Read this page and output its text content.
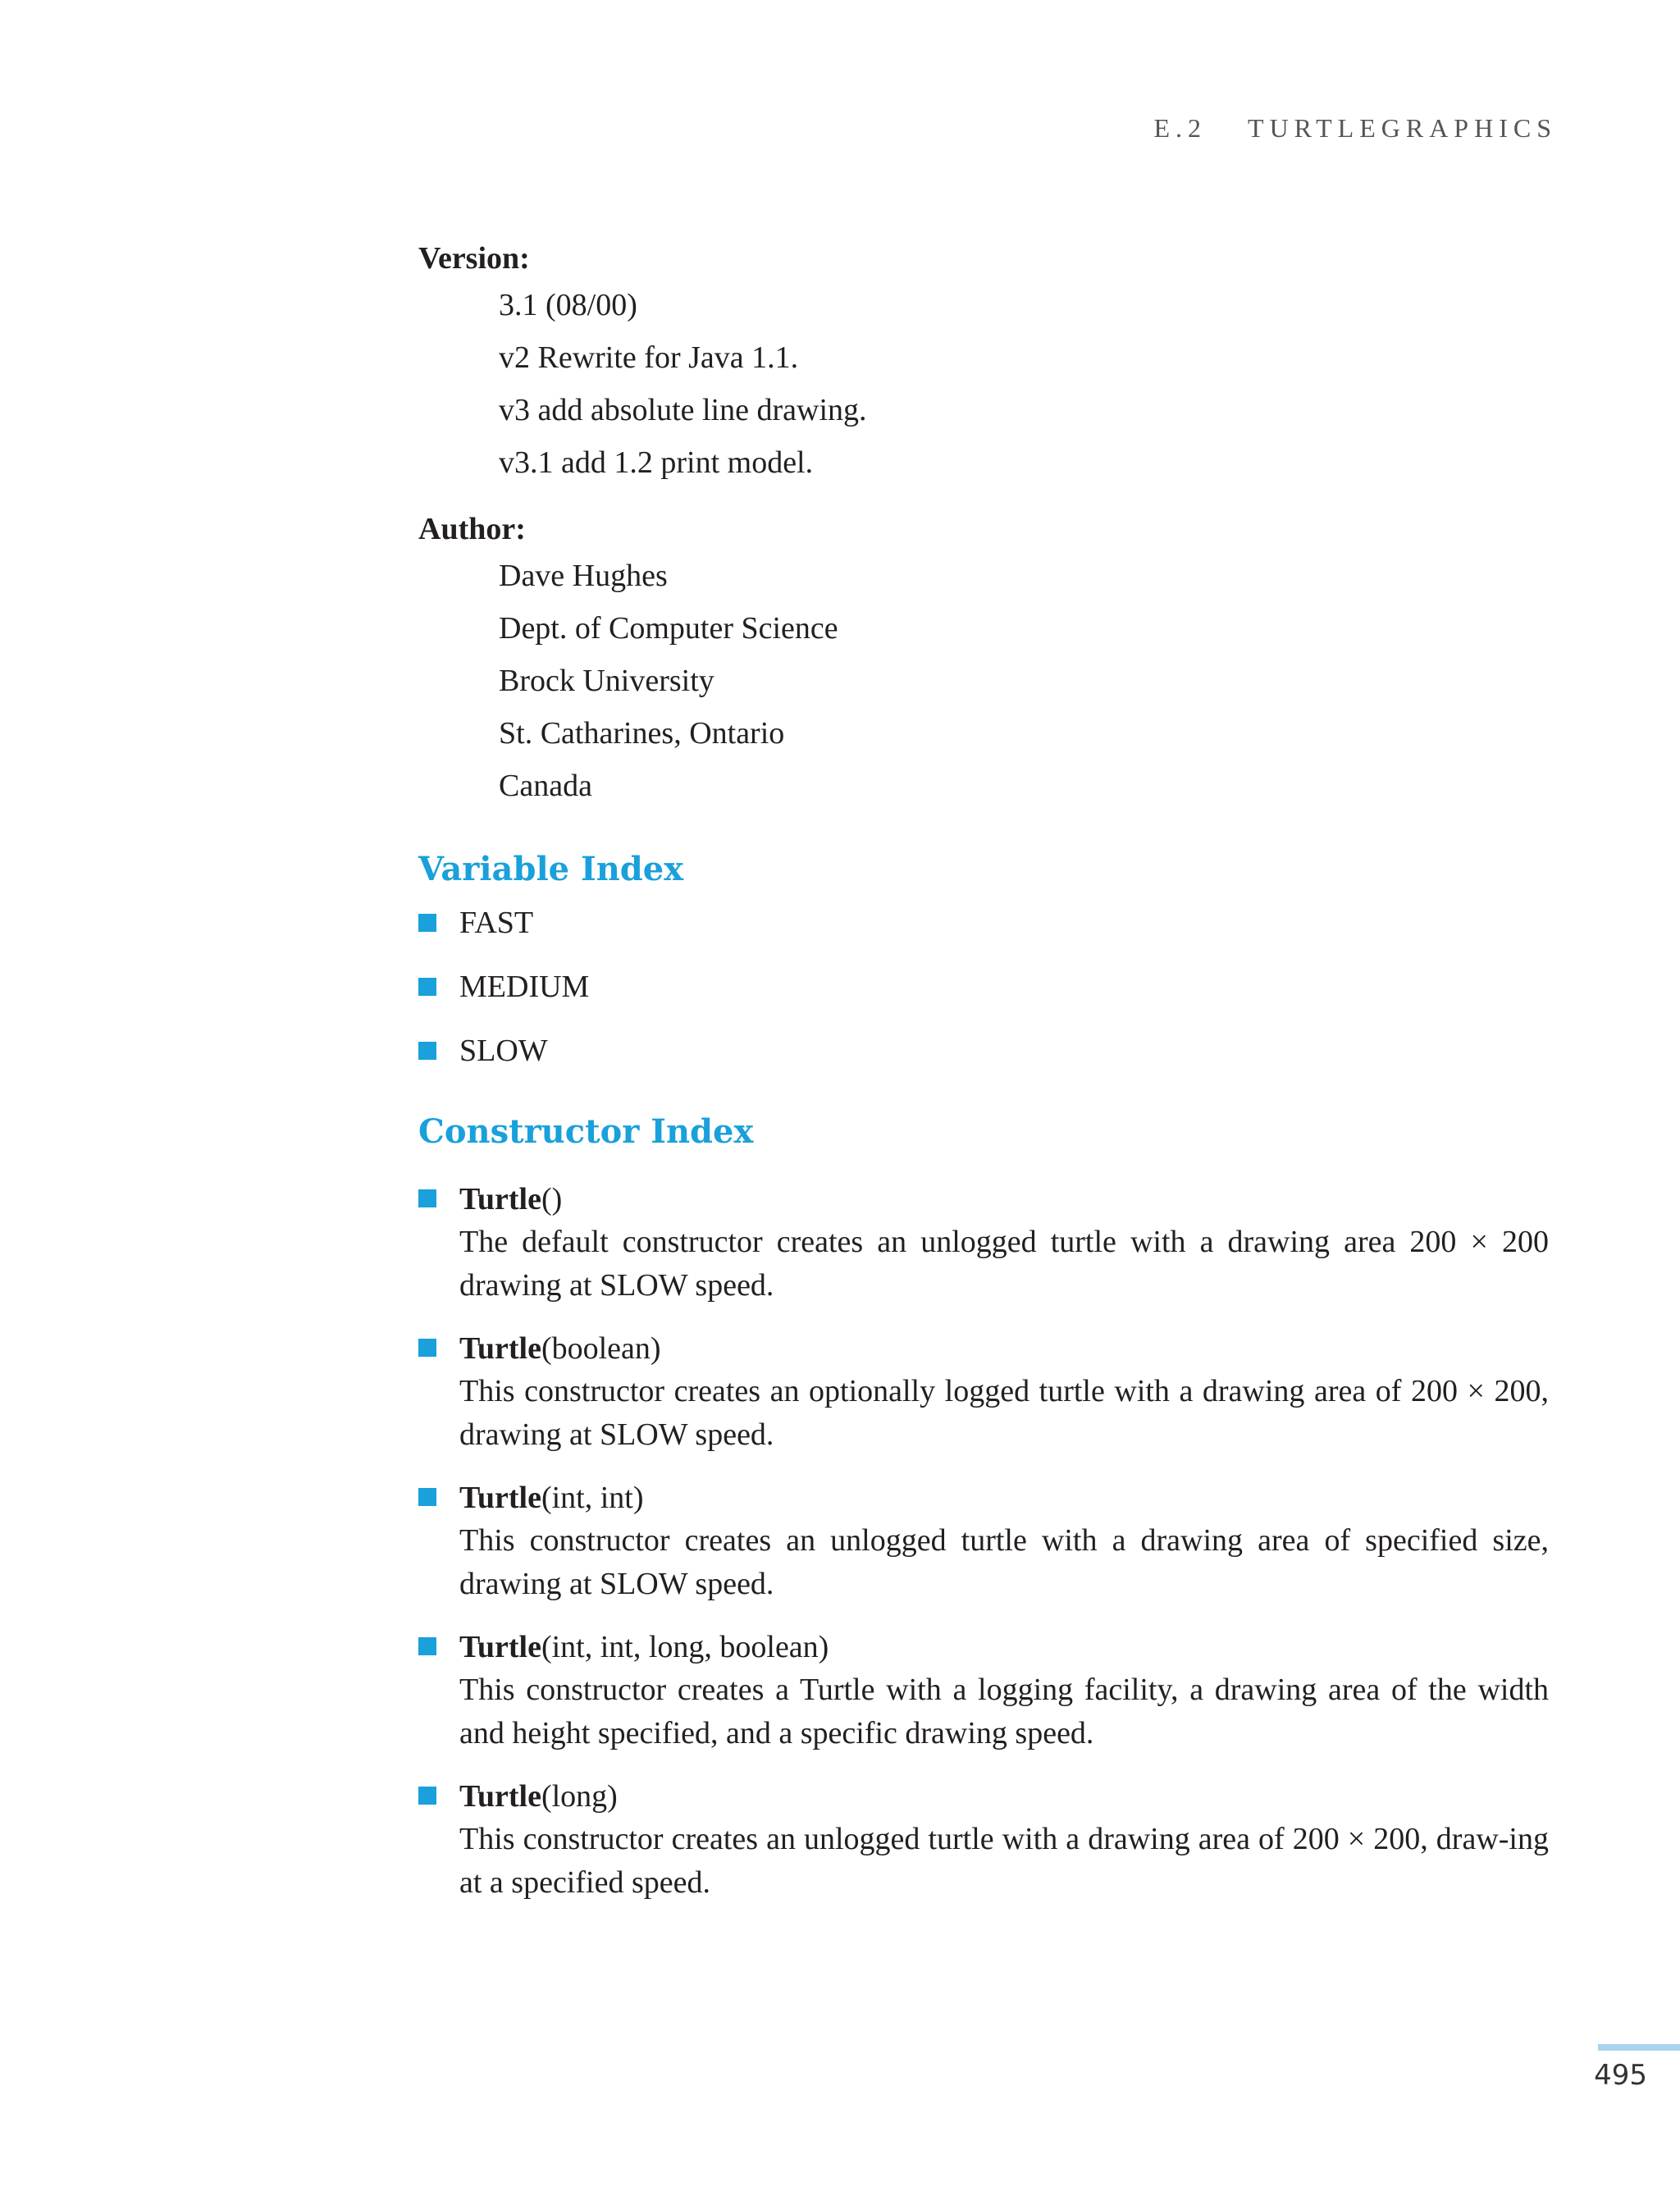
E.2 TURTLEGRAPHICS
Version:
3.1 (08/00)
v2 Rewrite for Java 1.1.
v3 add absolute line drawing.
v3.1 add 1.2 print model.
Author:
Dave Hughes
Dept. of Computer Science
Brock University
St. Catharines, Ontario
Canada
Variable Index
FAST
MEDIUM
SLOW
Constructor Index
Turtle()
The default constructor creates an unlogged turtle with a drawing area 200 × 200 drawing at SLOW speed.
Turtle(boolean)
This constructor creates an optionally logged turtle with a drawing area of 200 × 200, drawing at SLOW speed.
Turtle(int, int)
This constructor creates an unlogged turtle with a drawing area of specified size, drawing at SLOW speed.
Turtle(int, int, long, boolean)
This constructor creates a Turtle with a logging facility, a drawing area of the width and height specified, and a specific drawing speed.
Turtle(long)
This constructor creates an unlogged turtle with a drawing area of 200 × 200, draw-ing at a specified speed.
495
